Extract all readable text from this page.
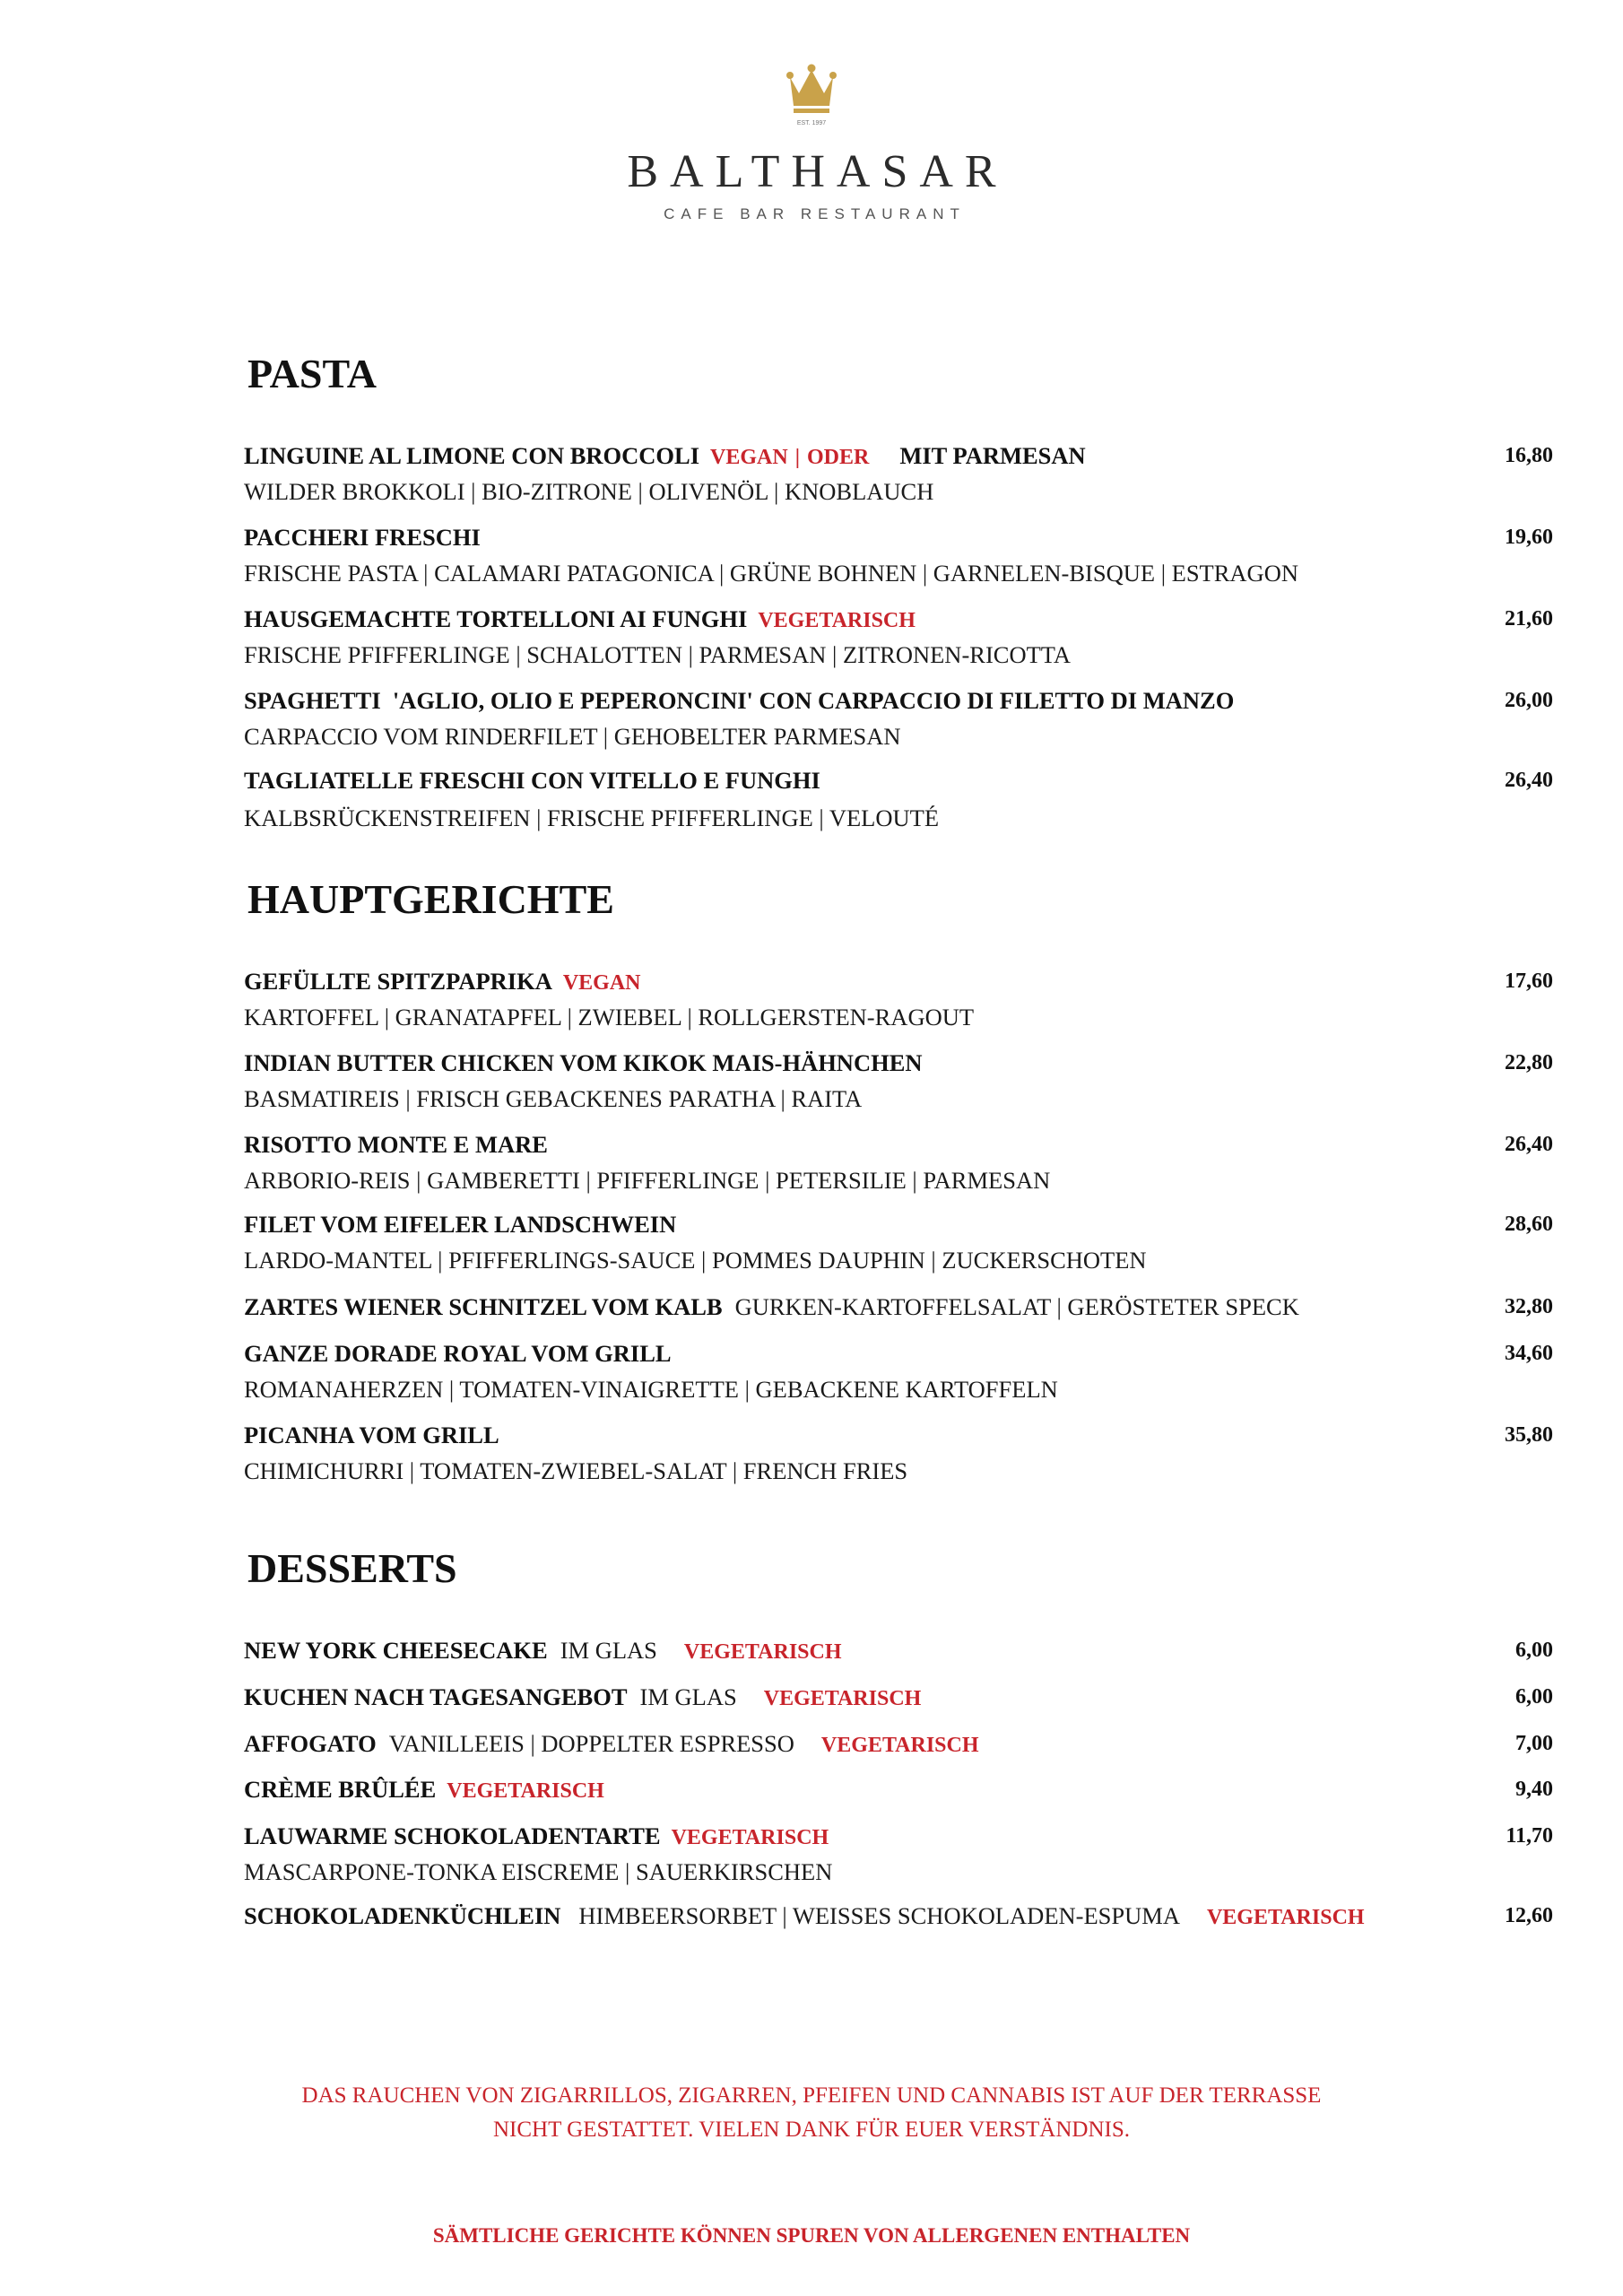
EST. 1997
BALTHASAR
CAFE BAR RESTAURANT
PASTA
LINGUINE AL LIMONE CON BROCCOLI VEGAN | ODER MIT PARMESAN	16,80
WILDER BROKKOLI | BIO-ZITRONE | OLIVENÖL | KNOBLAUCH
PACCHERI FRESCHI	19,60
FRISCHE PASTA | CALAMARI PATAGONICA | GRÜNE BOHNEN | GARNELEN-BISQUE | ESTRAGON
HAUSGEMACHTE TORTELLONI AI FUNGHI VEGETARISCH	21,60
FRISCHE PFIFFERLINGE | SCHALOTTEN | PARMESAN | ZITRONEN-RICOTTA
SPAGHETTI  'AGLIO, OLIO E PEPERONCINI' CON CARPACCIO DI FILETTO DI MANZO	26,00
CARPACCIO VOM RINDERFILET | GEHOBELTER PARMESAN
TAGLIATELLE FRESCHI CON VITELLO E FUNGHI	26,40
KALBSRÜCKENSTREIFEN | FRISCHE PFIFFERLINGE | VELOUTÉ
HAUPTGERICHTE
GEFÜLLTE SPITZPAPRIKA VEGAN	17,60
KARTOFFEL | GRANATAPFEL | ZWIEBEL | ROLLGERSTEN-RAGOUT
INDIAN BUTTER CHICKEN VOM KIKOK MAIS-HÄHNCHEN	22,80
BASMATIREIS | FRISCH GEBACKENES PARATHA | RAITA
RISOTTO MONTE E MARE	26,40
ARBORIO-REIS | GAMBERETTI | PFIFFERLINGE | PETERSILIE | PARMESAN
FILET VOM EIFELER LANDSCHWEIN	28,60
LARDO-MANTEL | PFIFFERLINGS-SAUCE | POMMES DAUPHIN | ZUCKERSCHOTEN
ZARTES WIENER SCHNITZEL VOM KALB GURKEN-KARTOFFELSALAT | GERÖSTETER SPECK	32,80
GANZE DORADE ROYAL VOM GRILL	34,60
ROMANAHERZEN | TOMATEN-VINAIGRETTE | GEBACKENE KARTOFFELN
PICANHA VOM GRILL	35,80
CHIMICHURRI | TOMATEN-ZWIEBEL-SALAT | FRENCH FRIES
DESSERTS
NEW YORK CHEESECAKE IM GLAS VEGETARISCH	6,00
KUCHEN NACH TAGESANGEBOT IM GLAS VEGETARISCH	6,00
AFFOGATO VANILLEEIS | DOPPELTER ESPRESSO VEGETARISCH	7,00
CRÈME BRÛLÉE VEGETARISCH	9,40
LAUWARME SCHOKOLADENTARTE VEGETARISCH	11,70
MASCARPONE-TONKA EISCREME | SAUERKIRSCHEN
SCHOKOLADENKÜCHLEIN HIMBEERSORBET | WEISSES SCHOKOLADEN-ESPUMA VEGETARISCH	12,60
DAS RAUCHEN VON ZIGARRILLOS, ZIGARREN, PFEIFEN UND CANNABIS IST AUF DER TERRASSE
NICHT GESTATTET. VIELEN DANK FÜR EUER VERSTÄNDNIS.
SÄMTLICHE GERICHTE KÖNNEN SPUREN VON ALLERGENEN ENTHALTEN
